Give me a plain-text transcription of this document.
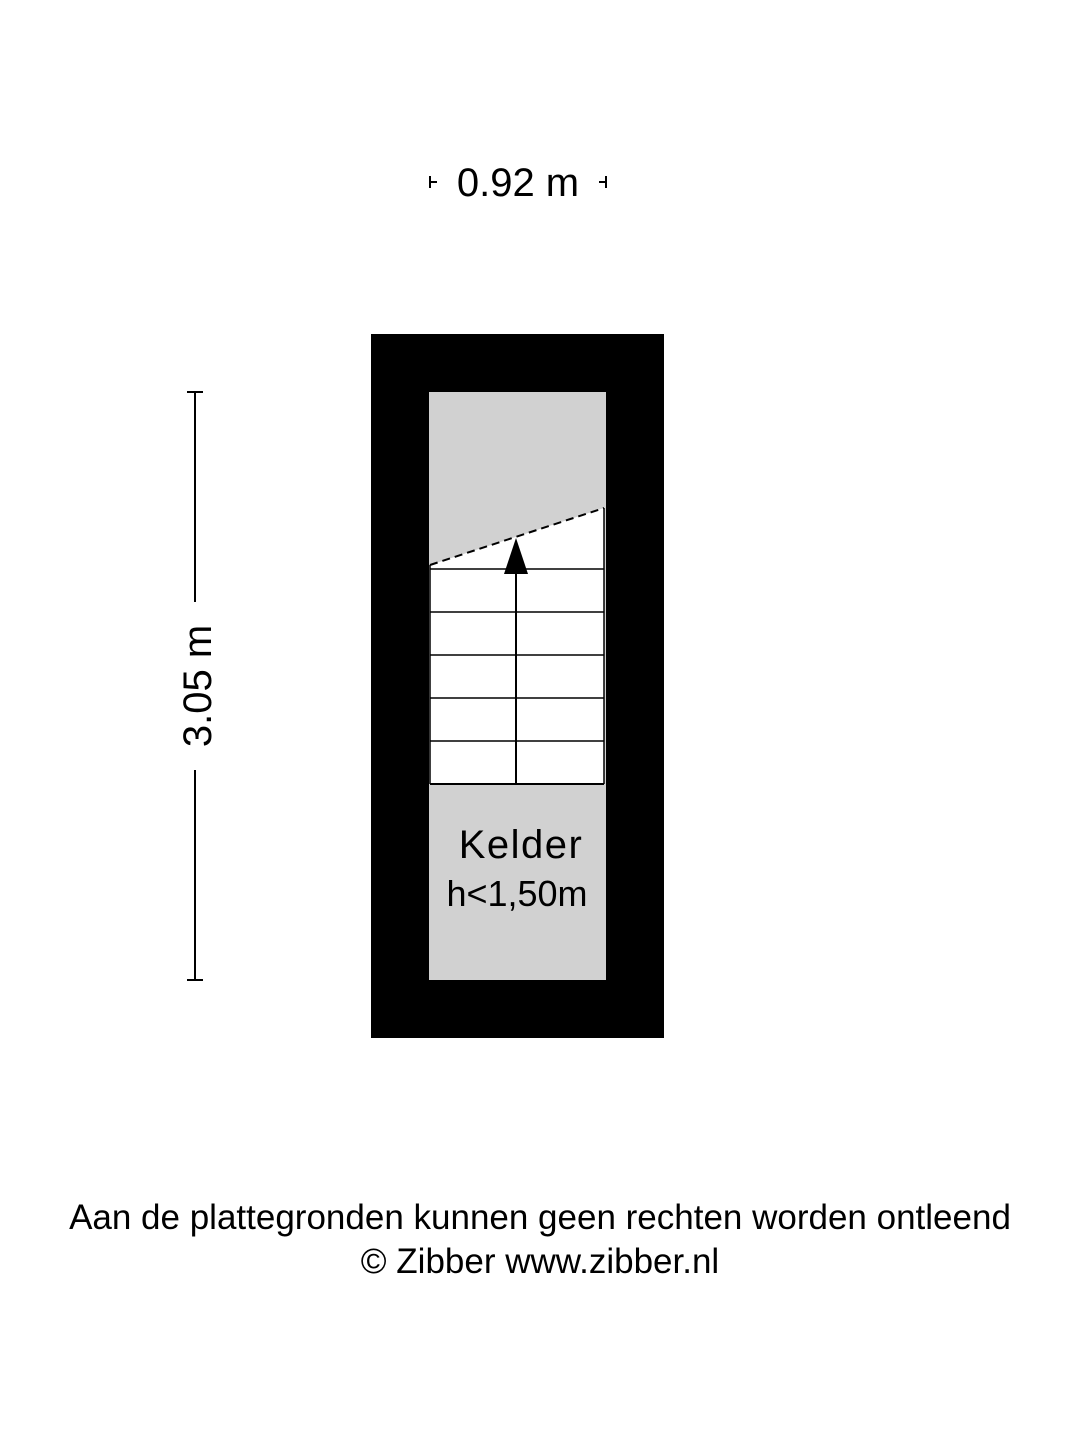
0.92 m
3.05 m
Kelder
h<1,50m
Aan de plattegronden kunnen geen rechten worden ontleend
© Zibber www.zibber.nl
